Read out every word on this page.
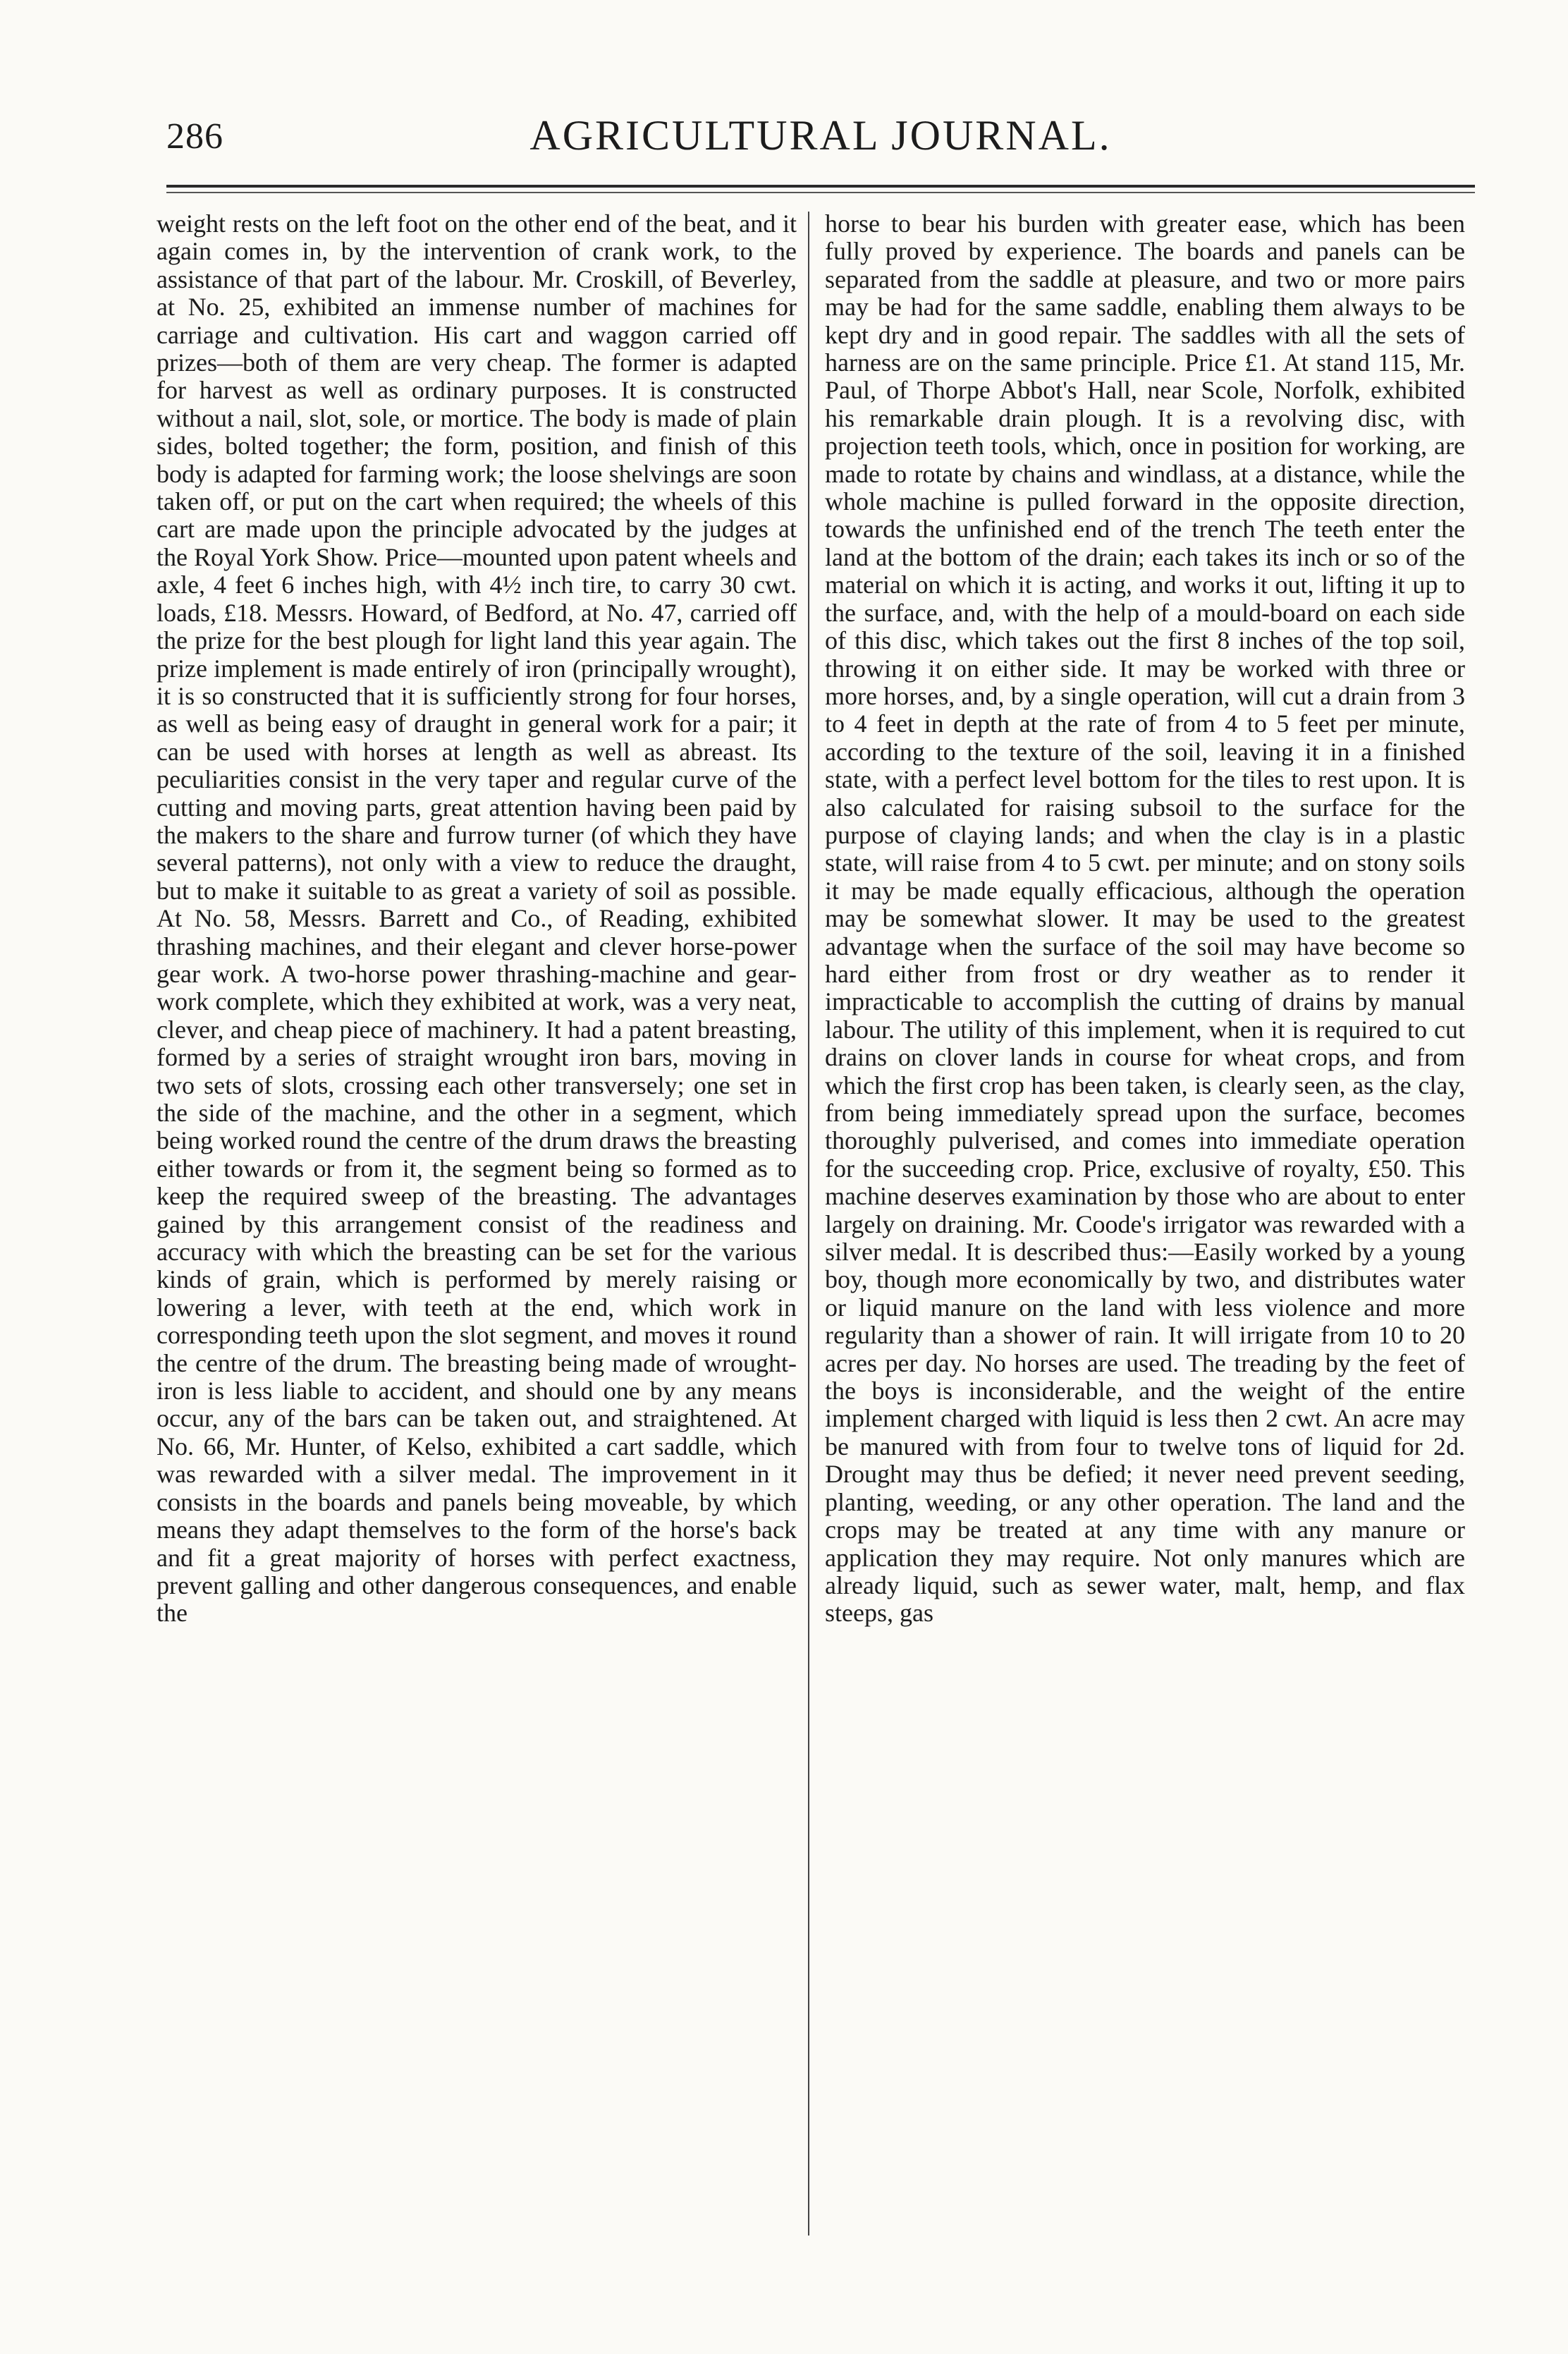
286	AGRICULTURAL JOURNAL.

weight rests on the left foot on the other end of the beat, and it again comes in, by the intervention of crank work, to the assistance of that part of the labour. Mr. Croskill, of Beverley, at No. 25, exhibited an immense number of machines for carriage and cultivation. His cart and waggon carried off prizes—both of them are very cheap. The former is adapted for harvest as well as ordinary purposes. It is constructed without a nail, slot, sole, or mortice. The body is made of plain sides, bolted together; the form, position, and finish of this body is adapted for farming work; the loose shelvings are soon taken off, or put on the cart when required; the wheels of this cart are made upon the principle advocated by the judges at the Royal York Show. Price—mounted upon patent wheels and axle, 4 feet 6 inches high, with 4½ inch tire, to carry 30 cwt. loads, £18. Messrs. Howard, of Bedford, at No. 47, carried off the prize for the best plough for light land this year again. The prize implement is made entirely of iron (principally wrought), it is so constructed that it is sufficiently strong for four horses, as well as being easy of draught in general work for a pair; it can be used with horses at length as well as abreast. Its peculiarities consist in the very taper and regular curve of the cutting and moving parts, great attention having been paid by the makers to the share and furrow turner (of which they have several patterns), not only with a view to reduce the draught, but to make it suitable to as great a variety of soil as possible. At No. 58, Messrs. Barrett and Co., of Reading, exhibited thrashing machines, and their elegant and clever horse-power gear work. A two-horse power thrashing-machine and gear-work complete, which they exhibited at work, was a very neat, clever, and cheap piece of machinery. It had a patent breasting, formed by a series of straight wrought iron bars, moving in two sets of slots, crossing each other transversely; one set in the side of the machine, and the other in a segment, which being worked round the centre of the drum draws the breasting either towards or from it, the segment being so formed as to keep the required sweep of the breasting. The advantages gained by this arrangement consist of the readiness and accuracy with which the breasting can be set for the various kinds of grain, which is performed by merely raising or lowering a lever, with teeth at the end, which work in corresponding teeth upon the slot segment, and moves it round the centre of the drum. The breasting being made of wrought-iron is less liable to accident, and should one by any means occur, any of the bars can be taken out, and straightened. At No. 66, Mr. Hunter, of Kelso, exhibited a cart saddle, which was rewarded with a silver medal. The improvement in it consists in the boards and panels being moveable, by which means they adapt themselves to the form of the horse's back and fit a great majority of horses with perfect exactness, prevent galling and other dangerous consequences, and enable the

horse to bear his burden with greater ease, which has been fully proved by experience. The boards and panels can be separated from the saddle at pleasure, and two or more pairs may be had for the same saddle, enabling them always to be kept dry and in good repair. The saddles with all the sets of harness are on the same principle. Price £1. At stand 115, Mr. Paul, of Thorpe Abbot's Hall, near Scole, Norfolk, exhibited his remarkable drain plough. It is a revolving disc, with projection teeth tools, which, once in position for working, are made to rotate by chains and windlass, at a distance, while the whole machine is pulled forward in the opposite direction, towards the unfinished end of the trench The teeth enter the land at the bottom of the drain; each takes its inch or so of the material on which it is acting, and works it out, lifting it up to the surface, and, with the help of a mould-board on each side of this disc, which takes out the first 8 inches of the top soil, throwing it on either side. It may be worked with three or more horses, and, by a single operation, will cut a drain from 3 to 4 feet in depth at the rate of from 4 to 5 feet per minute, according to the texture of the soil, leaving it in a finished state, with a perfect level bottom for the tiles to rest upon. It is also calculated for raising subsoil to the surface for the purpose of claying lands; and when the clay is in a plastic state, will raise from 4 to 5 cwt. per minute; and on stony soils it may be made equally efficacious, although the operation may be somewhat slower. It may be used to the greatest advantage when the surface of the soil may have become so hard either from frost or dry weather as to render it impracticable to accomplish the cutting of drains by manual labour. The utility of this implement, when it is required to cut drains on clover lands in course for wheat crops, and from which the first crop has been taken, is clearly seen, as the clay, from being immediately spread upon the surface, becomes thoroughly pulverised, and comes into immediate operation for the succeeding crop. Price, exclusive of royalty, £50. This machine deserves examination by those who are about to enter largely on draining. Mr. Coode's irrigator was rewarded with a silver medal. It is described thus:—Easily worked by a young boy, though more economically by two, and distributes water or liquid manure on the land with less violence and more regularity than a shower of rain. It will irrigate from 10 to 20 acres per day. No horses are used. The treading by the feet of the boys is inconsiderable, and the weight of the entire implement charged with liquid is less then 2 cwt. An acre may be manured with from four to twelve tons of liquid for 2d. Drought may thus be defied; it never need prevent seeding, planting, weeding, or any other operation. The land and the crops may be treated at any time with any manure or application they may require. Not only manures which are already liquid, such as sewer water, malt, hemp, and flax steeps, gas
